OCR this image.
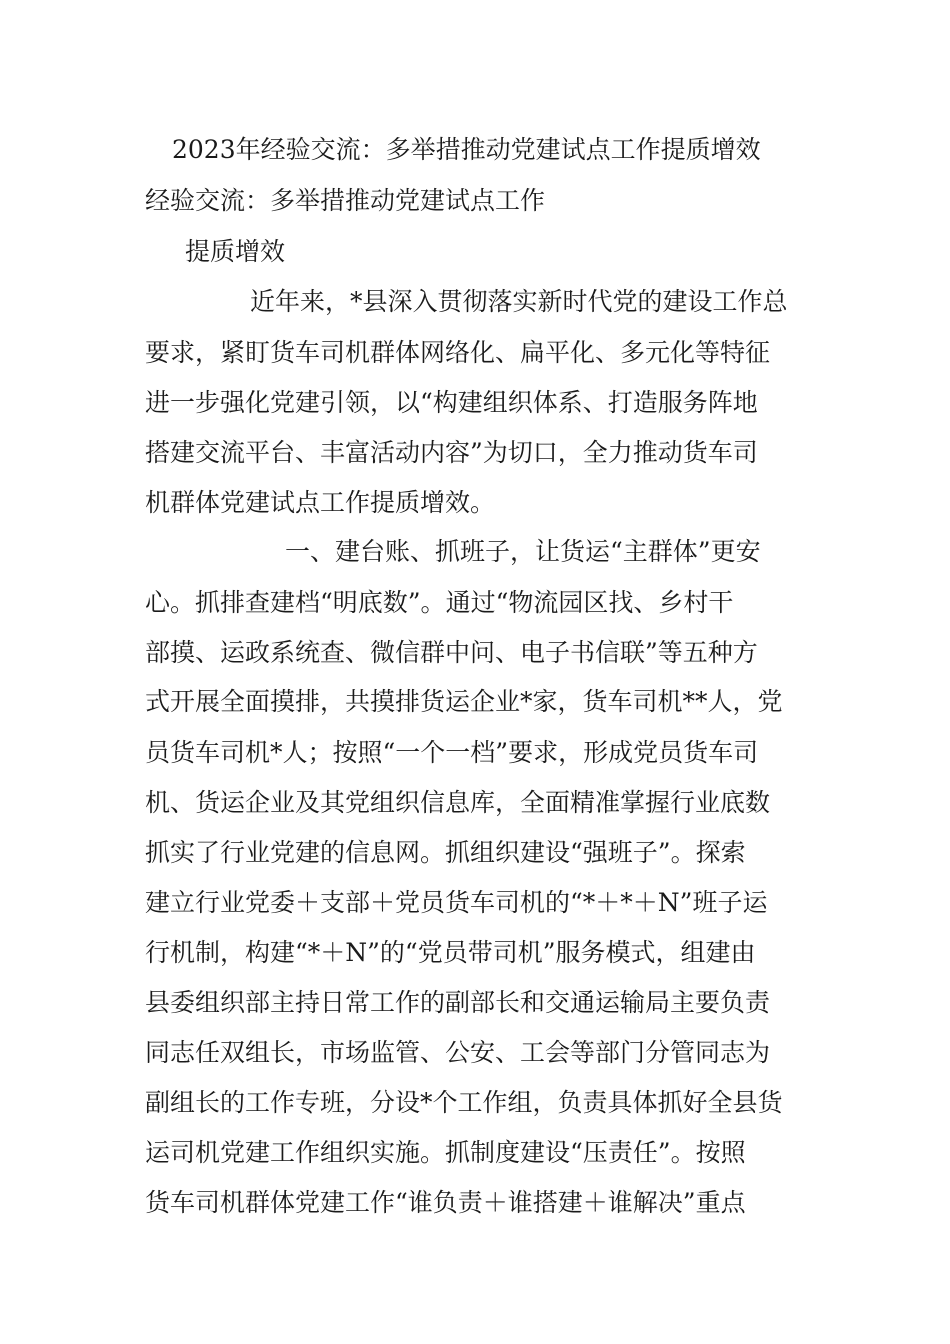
2023年经验交流：多举措推动党建试点工作提质增效
经验交流：多举措推动党建试点工作
提质增效
近年来，*县深入贯彻落实新时代党的建设工作总
要求，紧盯货车司机群体网络化、扁平化、多元化等特征
进一步强化党建引领，以“构建组织体系、打造服务阵地
搭建交流平台、丰富活动内容”为切口，全力推动货车司
机群体党建试点工作提质增效。
一、建台账、抓班子，让货运“主群体”更安
心。抓排查建档“明底数”。通过“物流园区找、乡村干
部摸、运政系统查、微信群中问、电子书信联”等五种方
式开展全面摸排，共摸排货运企业*家，货车司机**人，党
员货车司机*人；按照“一个一档”要求，形成党员货车司
机、货运企业及其党组织信息库，全面精准掌握行业底数
抓实了行业党建的信息网。抓组织建设“强班子”。探索
建立行业党委＋支部＋党员货车司机的“*＋*＋N”班子运
行机制，构建“*＋N”的“党员带司机”服务模式，组建由
县委组织部主持日常工作的副部长和交通运输局主要负责
同志任双组长，市场监管、公安、工会等部门分管同志为
副组长的工作专班，分设*个工作组，负责具体抓好全县货
运司机党建工作组织实施。抓制度建设“压责任”。按照
货车司机群体党建工作“谁负责＋谁搭建＋谁解决”重点
